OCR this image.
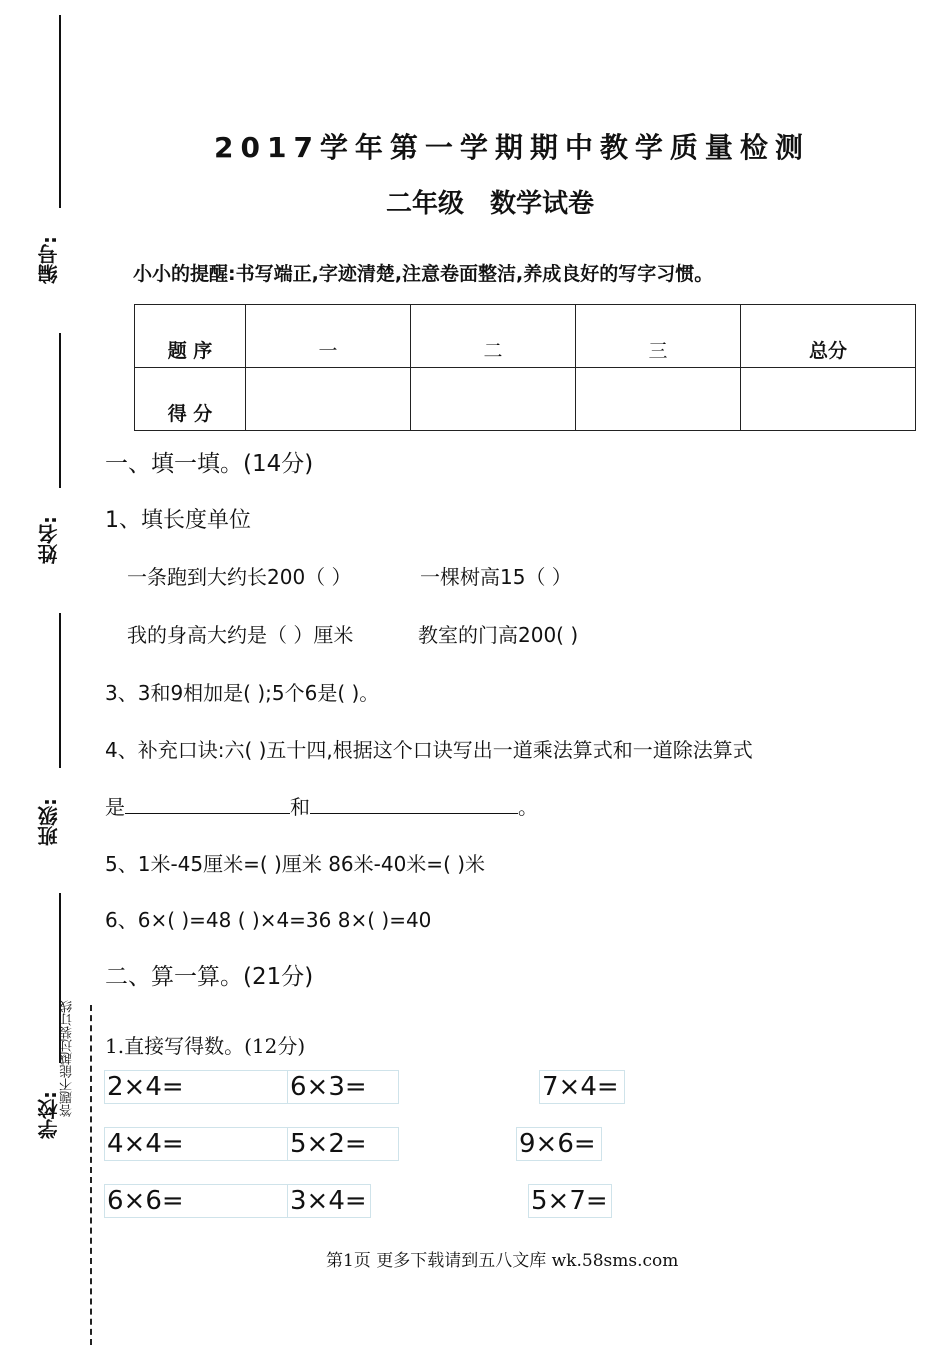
编号:
姓名:
班级:
学校: 答题不能越过装订线
2017学年第一学期期中教学质量检测
二年级　数学试卷
小小的提醒:书写端正,字迹清楚,注意卷面整洁,养成良好的写字习惯。
题 序	一	二	三	总分
得 分				
一、填一填。(14分)
1、填长度单位
一条跑到大约长200（ ）	一棵树高15（ ）
我的身高大约是（ ）厘米	教室的门高200( )
3、3和9相加是( );5个6是( )。
4、补充口诀:六( )五十四,根据这个口诀写出一道乘法算式和一道除法算式
是	和	。
5、1米-45厘米=( )厘米 86米-40米=( )米
6、6×( )=48 ( )×4=36 8×( )=40
二、算一算。(21分)
1.直接写得数。(12分)
2×4=	6×3=	7×4=
4×4=	5×2=	9×6=
6×6=	3×4=	5×7=
第1页 更多下载请到五八文库 wk.58sms.com
